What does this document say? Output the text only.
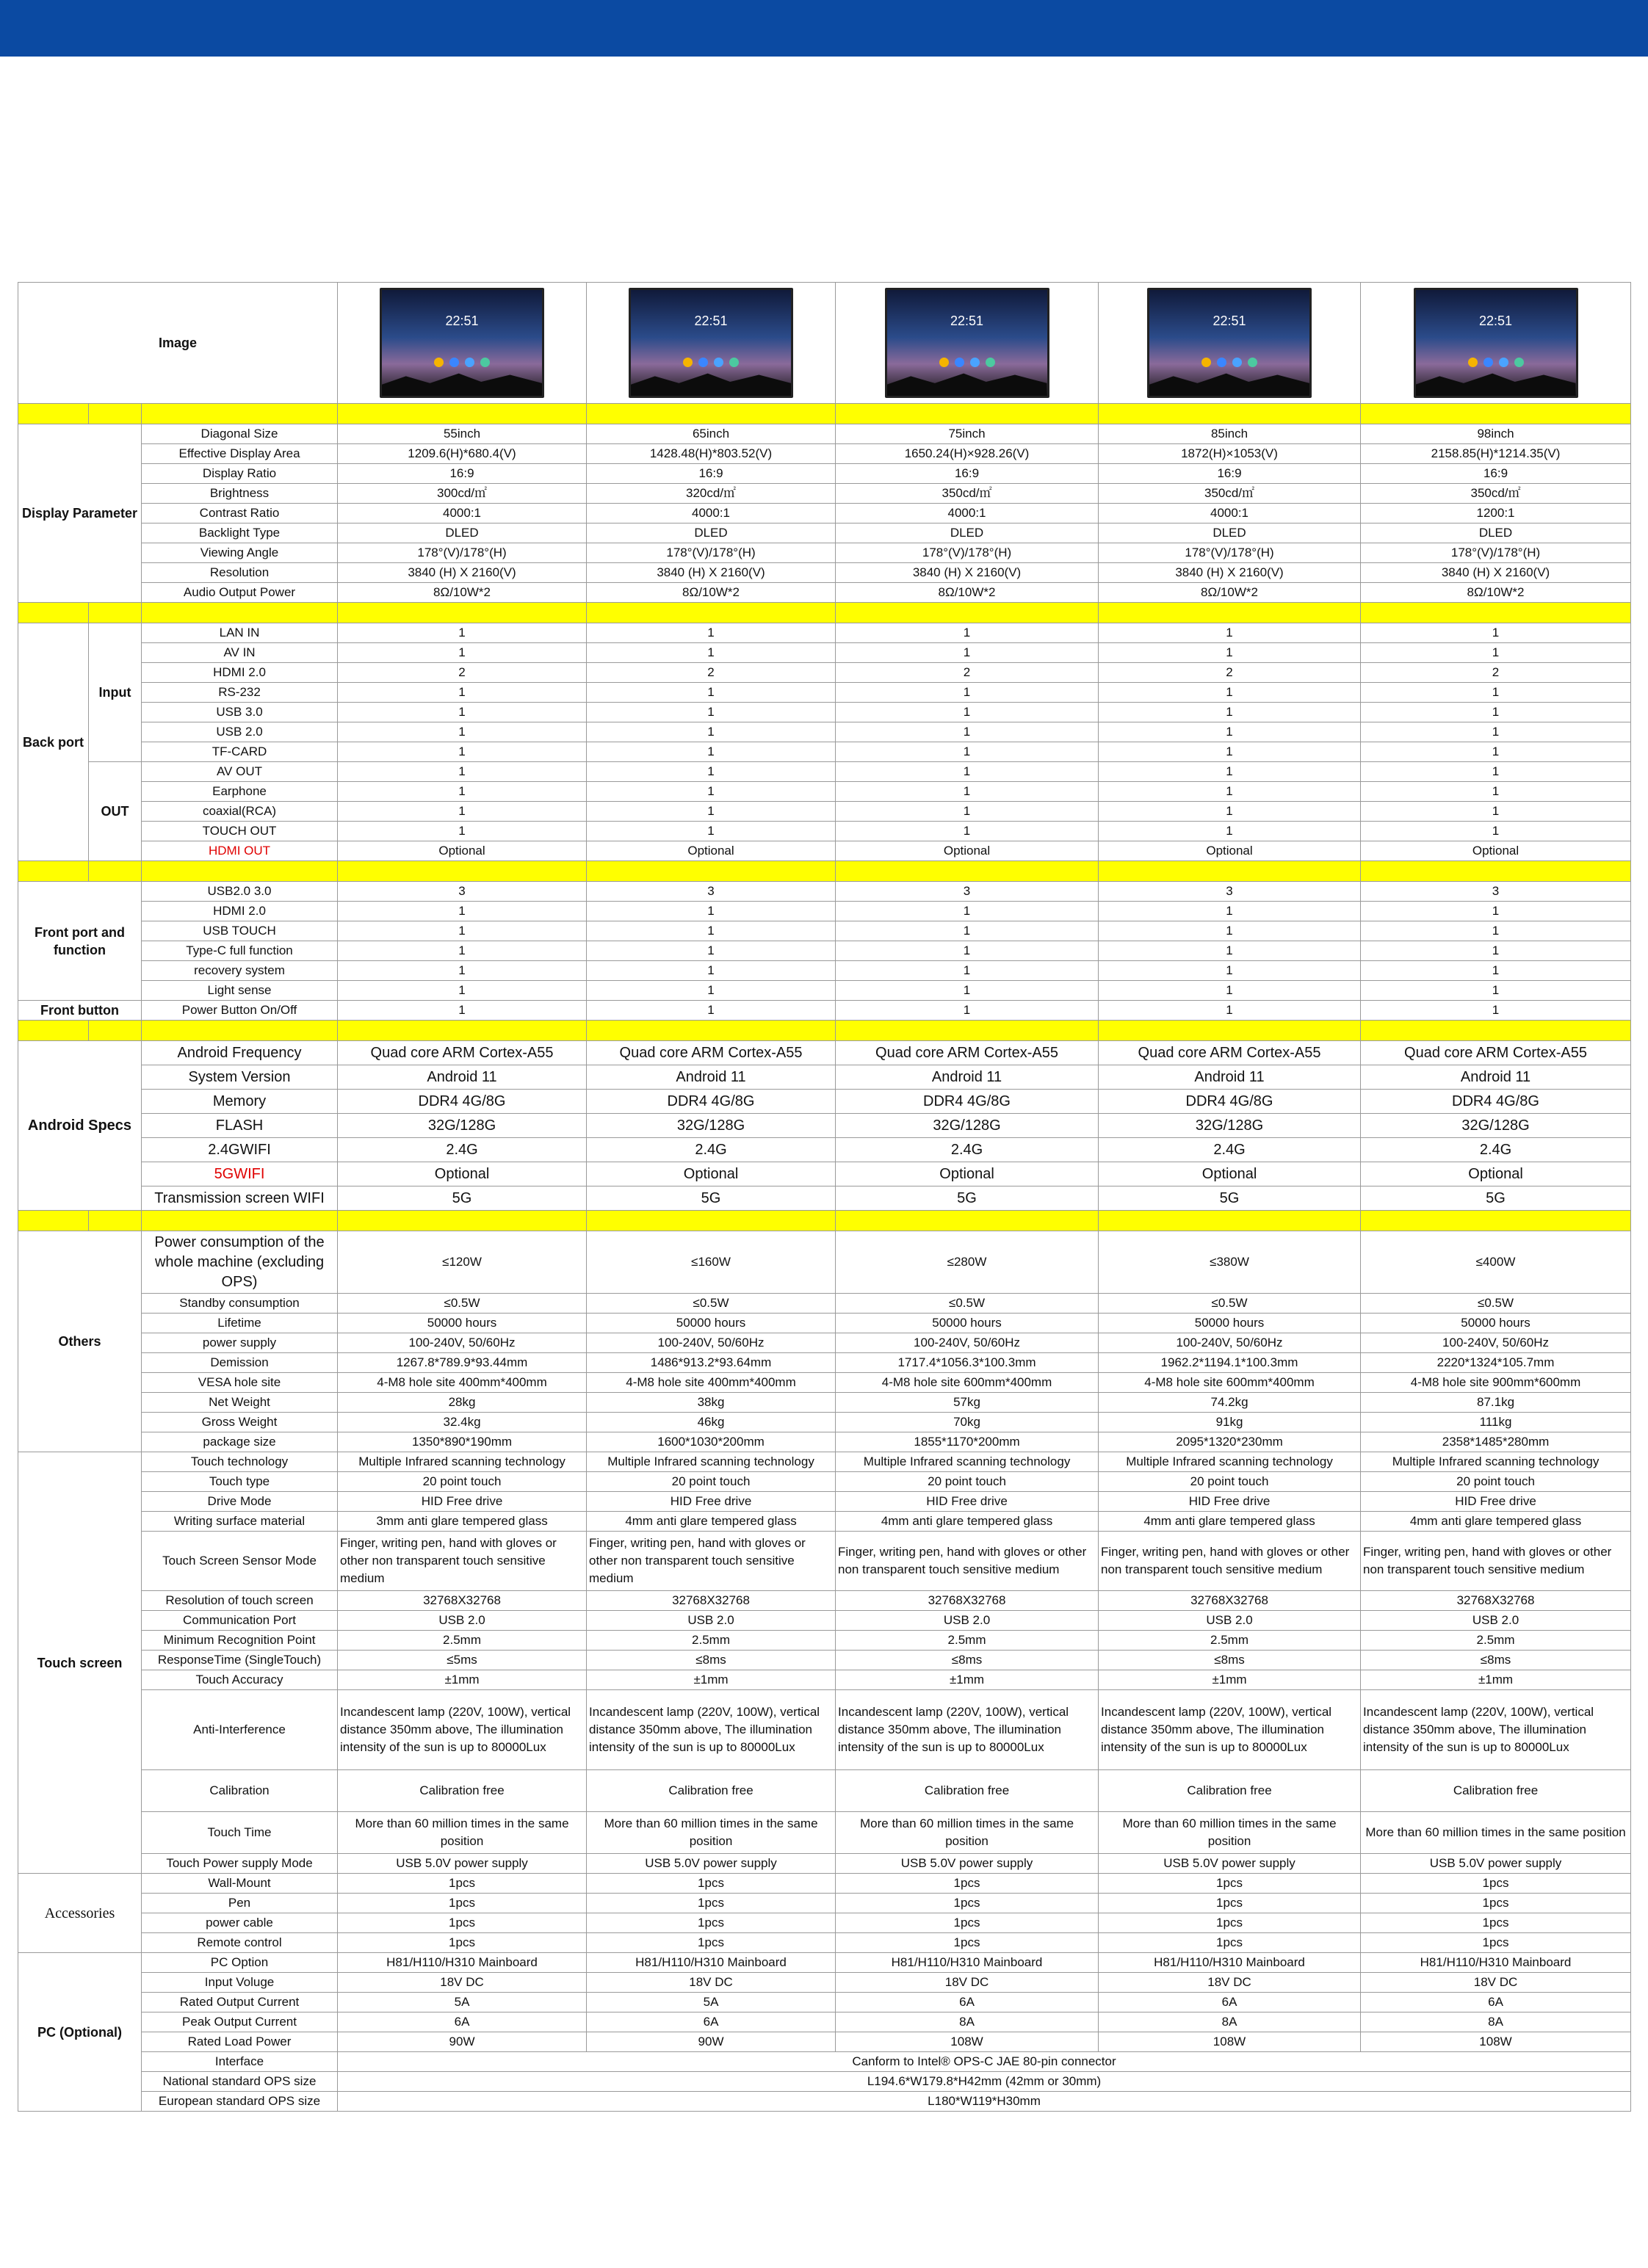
Image			22:51	22:51	22:51	22:51	22:51

Display Parameter		Diagonal Size	55inch	65inch	75inch	85inch	98inch
		Effective Display Area	1209.6(H)*680.4(V)	1428.48(H)*803.52(V)	1650.24(H)×928.26(V)	1872(H)×1053(V)	2158.85(H)*1214.35(V)
		Display Ratio	16:9	16:9	16:9	16:9	16:9
		Brightness	300cd/㎡	320cd/㎡	350cd/㎡	350cd/㎡	350cd/㎡
		Contrast Ratio	4000:1	4000:1	4000:1	4000:1	1200:1
		Backlight Type	DLED	DLED	DLED	DLED	DLED
		Viewing Angle	178°(V)/178°(H)	178°(V)/178°(H)	178°(V)/178°(H)	178°(V)/178°(H)	178°(V)/178°(H)
		Resolution	3840 (H) X 2160(V)	3840 (H) X 2160(V)	3840 (H) X 2160(V)	3840 (H) X 2160(V)	3840 (H) X 2160(V)
		Audio Output Power	8Ω/10W*2	8Ω/10W*2	8Ω/10W*2	8Ω/10W*2	8Ω/10W*2

Back port	Input	LAN IN	1	1	1	1	1
		AV IN	1	1	1	1	1
		HDMI 2.0	2	2	2	2	2
		RS-232	1	1	1	1	1
		USB 3.0	1	1	1	1	1
		USB 2.0	1	1	1	1	1
		TF-CARD	1	1	1	1	1
	OUT	AV OUT	1	1	1	1	1
		Earphone	1	1	1	1	1
		coaxial(RCA)	1	1	1	1	1
		TOUCH OUT	1	1	1	1	1
		HDMI OUT	Optional	Optional	Optional	Optional	Optional

Front port and function		USB2.0 3.0	3	3	3	3	3
		HDMI 2.0	1	1	1	1	1
		USB TOUCH	1	1	1	1	1
		Type-C full function	1	1	1	1	1
		recovery system	1	1	1	1	1
		Light sense	1	1	1	1	1
Front button		Power Button On/Off	1	1	1	1	1

Android Specs		Android Frequency	Quad core ARM Cortex-A55	Quad core ARM Cortex-A55	Quad core ARM Cortex-A55	Quad core ARM Cortex-A55	Quad core ARM Cortex-A55
		System Version	Android 11	Android 11	Android 11	Android 11	Android 11
		Memory	DDR4 4G/8G	DDR4 4G/8G	DDR4 4G/8G	DDR4 4G/8G	DDR4 4G/8G
		FLASH	32G/128G	32G/128G	32G/128G	32G/128G	32G/128G
		2.4GWIFI	2.4G	2.4G	2.4G	2.4G	2.4G
		5GWIFI	Optional	Optional	Optional	Optional	Optional
		Transmission screen WIFI	5G	5G	5G	5G	5G

Others		Power consumption of the whole machine (excluding OPS)	≤120W	≤160W	≤280W	≤380W	≤400W
		Standby consumption	≤0.5W	≤0.5W	≤0.5W	≤0.5W	≤0.5W
		Lifetime	50000 hours	50000 hours	50000 hours	50000 hours	50000 hours
		power supply	100-240V, 50/60Hz	100-240V, 50/60Hz	100-240V, 50/60Hz	100-240V, 50/60Hz	100-240V, 50/60Hz
		Demission	1267.8*789.9*93.44mm	1486*913.2*93.64mm	1717.4*1056.3*100.3mm	1962.2*1194.1*100.3mm	2220*1324*105.7mm
		VESA hole site	4-M8 hole site 400mm*400mm	4-M8 hole site 400mm*400mm	4-M8 hole site 600mm*400mm	4-M8 hole site 600mm*400mm	4-M8 hole site 900mm*600mm
		Net Weight	28kg	38kg	57kg	74.2kg	87.1kg
		Gross Weight	32.4kg	46kg	70kg	91kg	111kg
		package size	1350*890*190mm	1600*1030*200mm	1855*1170*200mm	2095*1320*230mm	2358*1485*280mm
Touch screen		Touch technology	Multiple Infrared scanning technology	Multiple Infrared scanning technology	Multiple Infrared scanning technology	Multiple Infrared scanning technology	Multiple Infrared scanning technology
		Touch type	20 point touch	20 point touch	20 point touch	20 point touch	20 point touch
		Drive Mode	HID Free drive	HID Free drive	HID Free drive	HID Free drive	HID Free drive
		Writing surface material	3mm anti glare tempered glass	4mm anti glare tempered glass	4mm anti glare tempered glass	4mm anti glare tempered glass	4mm anti glare tempered glass
		Touch Screen Sensor Mode	Finger, writing pen, hand with gloves or other non transparent touch sensitive medium	Finger, writing pen, hand with gloves or other non transparent touch sensitive medium	Finger, writing pen, hand with gloves or other non transparent touch sensitive medium	Finger, writing pen, hand with gloves or other non transparent touch sensitive medium	Finger, writing pen, hand with gloves or other non transparent touch sensitive medium
		Resolution of touch screen	32768X32768	32768X32768	32768X32768	32768X32768	32768X32768
		Communication Port	USB 2.0	USB 2.0	USB 2.0	USB 2.0	USB 2.0
		Minimum Recognition Point	2.5mm	2.5mm	2.5mm	2.5mm	2.5mm
		ResponseTime (SingleTouch)	≤5ms	≤8ms	≤8ms	≤8ms	≤8ms
		Touch Accuracy	±1mm	±1mm	±1mm	±1mm	±1mm
		Anti-Interference	Incandescent lamp (220V, 100W), vertical distance 350mm above, The illumination intensity of the sun is up to 80000Lux	Incandescent lamp (220V, 100W), vertical distance 350mm above, The illumination intensity of the sun is up to 80000Lux	Incandescent lamp (220V, 100W), vertical distance 350mm above, The illumination intensity of the sun is up to 80000Lux	Incandescent lamp (220V, 100W), vertical distance 350mm above, The illumination intensity of the sun is up to 80000Lux	Incandescent lamp (220V, 100W), vertical distance 350mm above, The illumination intensity of the sun is up to 80000Lux
		Calibration	Calibration free	Calibration free	Calibration free	Calibration free	Calibration free
		Touch Time	More than 60 million times in the same position	More than 60 million times in the same position	More than 60 million times in the same position	More than 60 million times in the same position	More than 60 million times in the same position
		Touch Power supply Mode	USB 5.0V power supply	USB 5.0V power supply	USB 5.0V power supply	USB 5.0V power supply	USB 5.0V power supply
Accessories		Wall-Mount	1pcs	1pcs	1pcs	1pcs	1pcs
		Pen	1pcs	1pcs	1pcs	1pcs	1pcs
		power cable	1pcs	1pcs	1pcs	1pcs	1pcs
		Remote control	1pcs	1pcs	1pcs	1pcs	1pcs
PC (Optional)		PC Option	H81/H110/H310 Mainboard	H81/H110/H310 Mainboard	H81/H110/H310 Mainboard	H81/H110/H310 Mainboard	H81/H110/H310 Mainboard
		Input Voluge	18V DC	18V DC	18V DC	18V DC	18V DC
		Rated Output Current	5A	5A	6A	6A	6A
		Peak Output Current	6A	6A	8A	8A	8A
		Rated Load Power	90W	90W	108W	108W	108W
		Interface	Canform to Intel® OPS-C JAE 80-pin connector				
		National standard OPS size	L194.6*W179.8*H42mm (42mm or 30mm)				
		European standard OPS size	L180*W119*H30mm				
